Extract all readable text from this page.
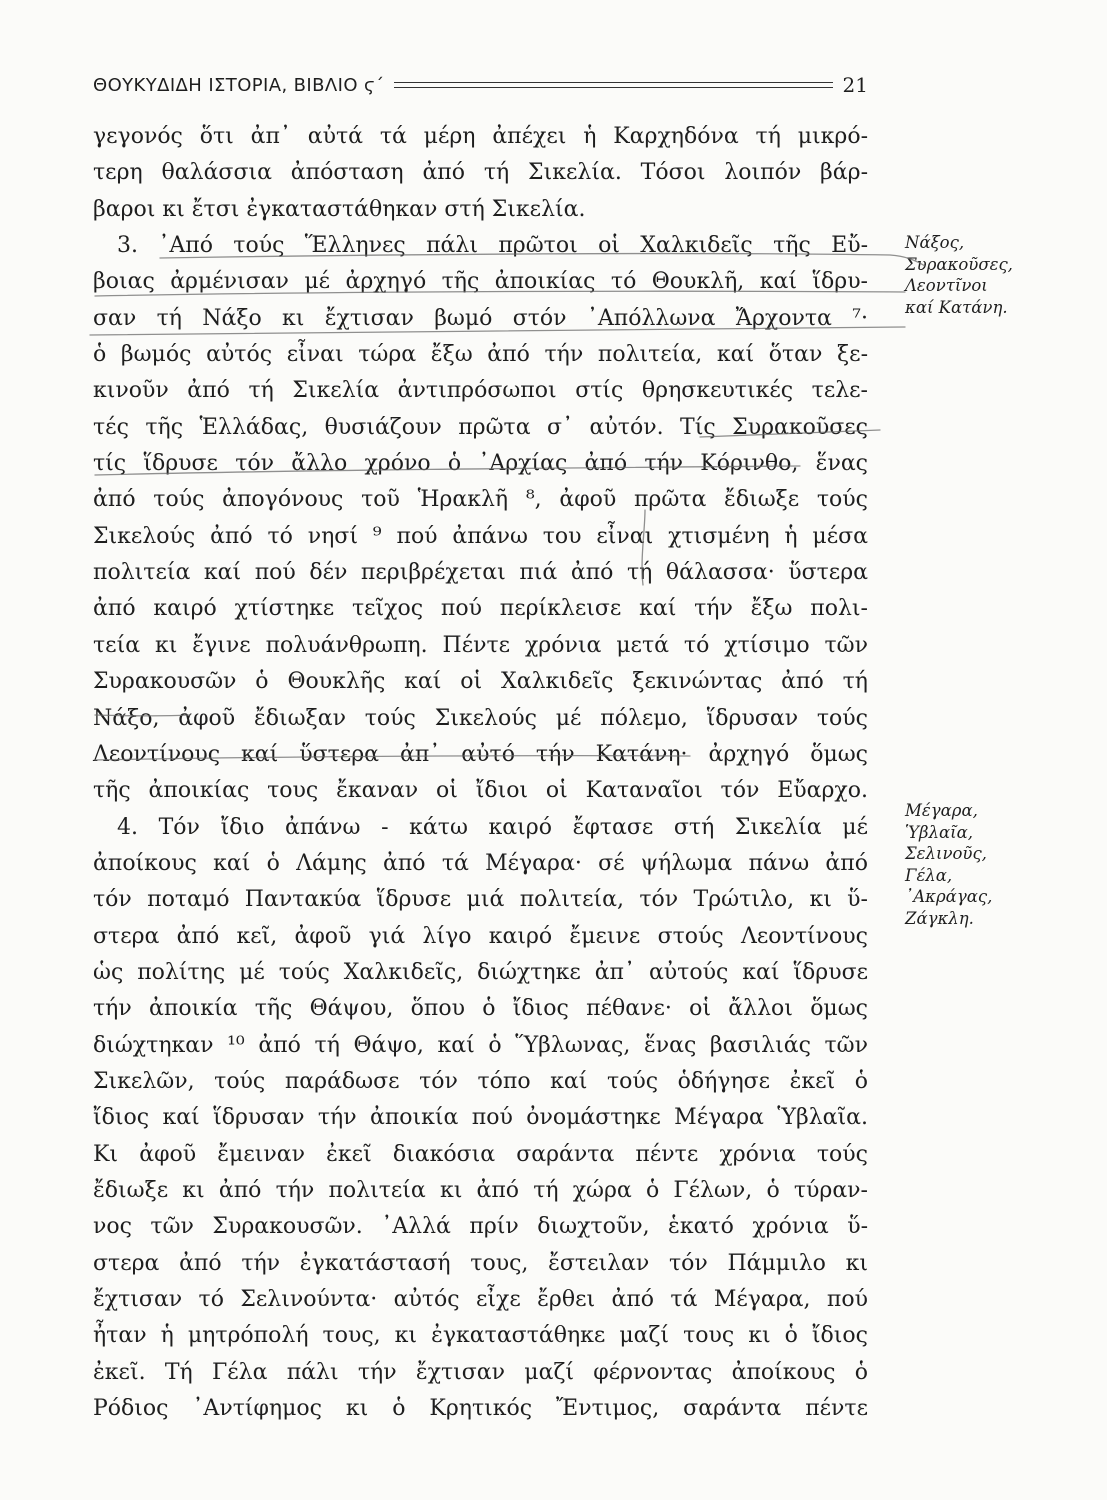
ΘΟΥΚΥΔΙΔΗ ΙΣΤΟΡΙΑ, ΒΙΒΛΙΟ ϛ´	21
γεγονός ὅτι ἀπ᾽ αὐτά τά μέρη ἀπέχει ἡ Καρχηδόνα τή μικρό-
τερη θαλάσσια ἀπόσταση ἀπό τή Σικελία. Τόσοι λοιπόν βάρ-
βαροι κι ἔτσι ἐγκαταστάθηκαν στή Σικελία.
3. ᾽Από τούς Ἕλληνες πάλι πρῶτοι οἱ Χαλκιδεῖς τῆς Εὔ-
βοιας ἀρμένισαν μέ ἀρχηγό τῆς ἀποικίας τό Θουκλῆ, καί ἵδρυ-
σαν τή Νάξο κι ἔχτισαν βωμό στόν ᾽Απόλλωνα Ἄρχοντα ⁷·
ὁ βωμός αὐτός εἶναι τώρα ἔξω ἀπό τήν πολιτεία, καί ὅταν ξε-
κινοῦν ἀπό τή Σικελία ἀντιπρόσωποι στίς θρησκευτικές τελε-
τές τῆς Ἑλλάδας, θυσιάζουν πρῶτα σ᾽ αὐτόν. Τίς Συρακοῦσες
τίς ἵδρυσε τόν ἄλλο χρόνο ὁ ᾽Αρχίας ἀπό τήν Κόρινθο, ἕνας
ἀπό τούς ἀπογόνους τοῦ Ἡρακλῆ ⁸, ἀφοῦ πρῶτα ἔδιωξε τούς
Σικελούς ἀπό τό νησί ⁹ πού ἀπάνω του εἶναι χτισμένη ἡ μέσα
πολιτεία καί πού δέν περιβρέχεται πιά ἀπό τή θάλασσα· ὕστερα
ἀπό καιρό χτίστηκε τεῖχος πού περίκλεισε καί τήν ἔξω πολι-
τεία κι ἔγινε πολυάνθρωπη. Πέντε χρόνια μετά τό χτίσιμο τῶν
Συρακουσῶν ὁ Θουκλῆς καί οἱ Χαλκιδεῖς ξεκινώντας ἀπό τή
Νάξο, ἀφοῦ ἔδιωξαν τούς Σικελούς μέ πόλεμο, ἵδρυσαν τούς
Λεοντίνους καί ὕστερα ἀπ᾽ αὐτό τήν Κατάνη· ἀρχηγό ὅμως
τῆς ἀποικίας τους ἔκαναν οἱ ἴδιοι οἱ Καταναῖοι τόν Εὔαρχο.
4. Τόν ἴδιο ἀπάνω - κάτω καιρό ἔφτασε στή Σικελία μέ
ἀποίκους καί ὁ Λάμης ἀπό τά Μέγαρα· σέ ψήλωμα πάνω ἀπό
τόν ποταμό Παντακύα ἵδρυσε μιά πολιτεία, τόν Τρώτιλο, κι ὕ-
στερα ἀπό κεῖ, ἀφοῦ γιά λίγο καιρό ἔμεινε στούς Λεοντίνους
ὡς πολίτης μέ τούς Χαλκιδεῖς, διώχτηκε ἀπ᾽ αὐτούς καί ἵδρυσε
τήν ἀποικία τῆς Θάψου, ὅπου ὁ ἴδιος πέθανε· οἱ ἄλλοι ὅμως
διώχτηκαν ¹⁰ ἀπό τή Θάψο, καί ὁ Ὕβλωνας, ἕνας βασιλιάς τῶν
Σικελῶν, τούς παράδωσε τόν τόπο καί τούς ὁδήγησε ἐκεῖ ὁ
ἴδιος καί ἵδρυσαν τήν ἀποικία πού ὀνομάστηκε Μέγαρα Ὑβλαῖα.
Κι ἀφοῦ ἔμειναν ἐκεῖ διακόσια σαράντα πέντε χρόνια τούς
ἔδιωξε κι ἀπό τήν πολιτεία κι ἀπό τή χώρα ὁ Γέλων, ὁ τύραν-
νος τῶν Συρακουσῶν. ᾽Αλλά πρίν διωχτοῦν, ἑκατό χρόνια ὕ-
στερα ἀπό τήν ἐγκατάστασή τους, ἔστειλαν τόν Πάμμιλο κι
ἔχτισαν τό Σελινούντα· αὐτός εἶχε ἔρθει ἀπό τά Μέγαρα, πού
ἦταν ἡ μητρόπολή τους, κι ἐγκαταστάθηκε μαζί τους κι ὁ ἴδιος
ἐκεῖ. Τή Γέλα πάλι τήν ἔχτισαν μαζί φέρνοντας ἀποίκους ὁ
Ρόδιος ᾽Αντίφημος κι ὁ Κρητικός Ἔντιμος, σαράντα πέντε
Νάξος,
Συρακοῦσες,
Λεοντῖνοι
καί Κατάνη.
Μέγαρα,
Ὑβλαῖα,
Σελινοῦς,
Γέλα,
᾽Ακράγας,
Ζάγκλη.
